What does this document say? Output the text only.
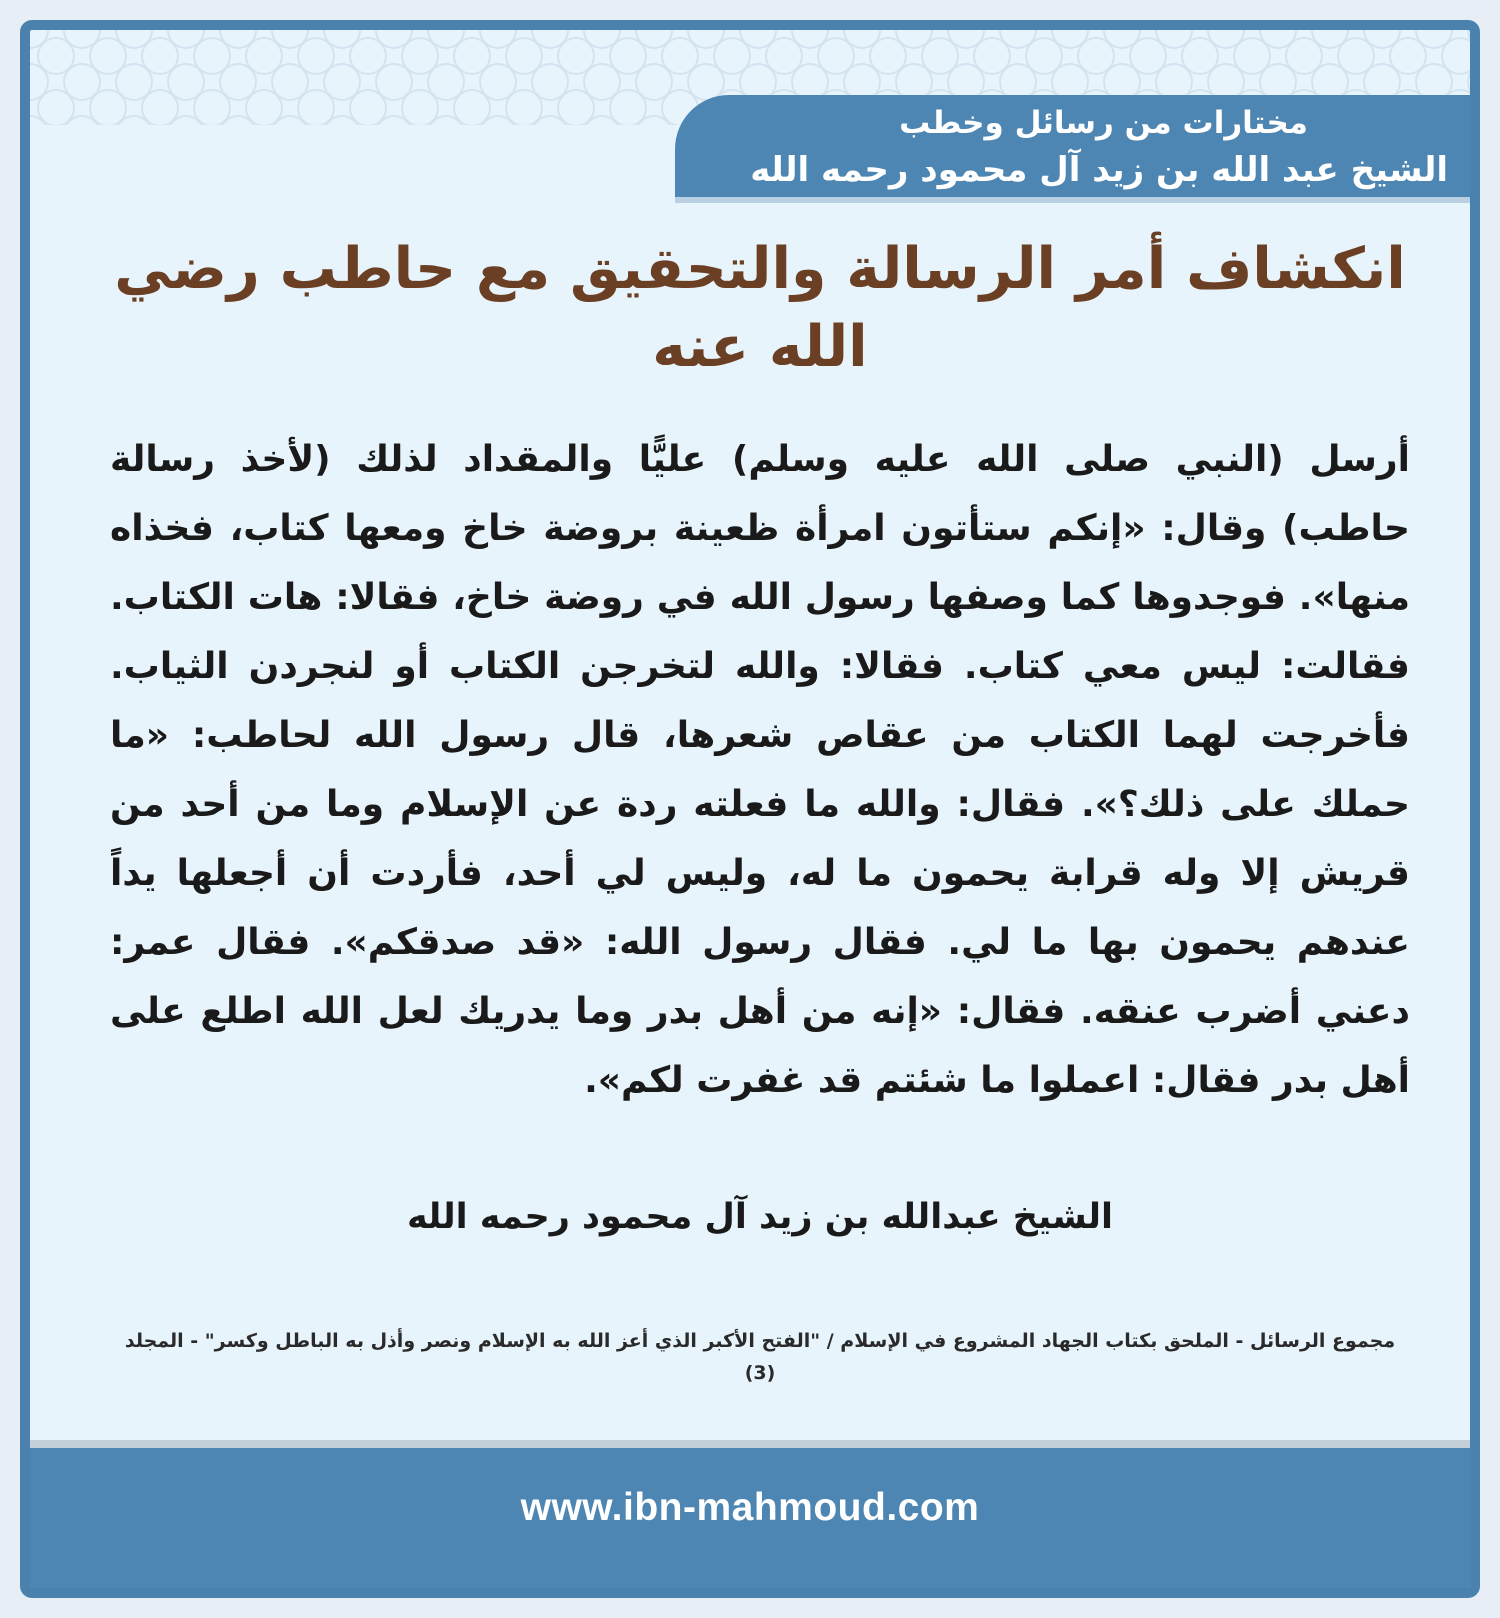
مختارات من رسائل وخطب
الشيخ عبد الله بن زيد آل محمود رحمه الله
انكشاف أمر الرسالة والتحقيق مع حاطب رضي الله عنه

أرسل (النبي صلى الله عليه وسلم) عليًّا والمقداد لذلك (لأخذ رسالة حاطب) وقال: «إنكم ستأتون امرأة ظعينة بروضة خاخ ومعها كتاب، فخذاه منها». فوجدوها كما وصفها رسول الله في روضة خاخ، فقالا: هات الكتاب. فقالت: ليس معي كتاب. فقالا: والله لتخرجن الكتاب أو لنجردن الثياب. فأخرجت لهما الكتاب من عقاص شعرها، قال رسول الله لحاطب: «ما حملك على ذلك؟». فقال: والله ما فعلته ردة عن الإسلام وما من أحد من قريش إلا وله قرابة يحمون ما له، وليس لي أحد، فأردت أن أجعلها يداً عندهم يحمون بها ما لي. فقال رسول الله: «قد صدقكم». فقال عمر: دعني أضرب عنقه. فقال: «إنه من أهل بدر وما يدريك لعل الله اطلع على أهل بدر فقال: اعملوا ما شئتم قد غفرت لكم».

الشيخ عبدالله بن زيد آل محمود رحمه الله
مجموع الرسائل - الملحق بكتاب الجهاد المشروع في الإسلام / "الفتح الأكبر الذي أعز الله به الإسلام ونصر وأذل به الباطل وكسر" - المجلد (3)
www.ibn-mahmoud.com
